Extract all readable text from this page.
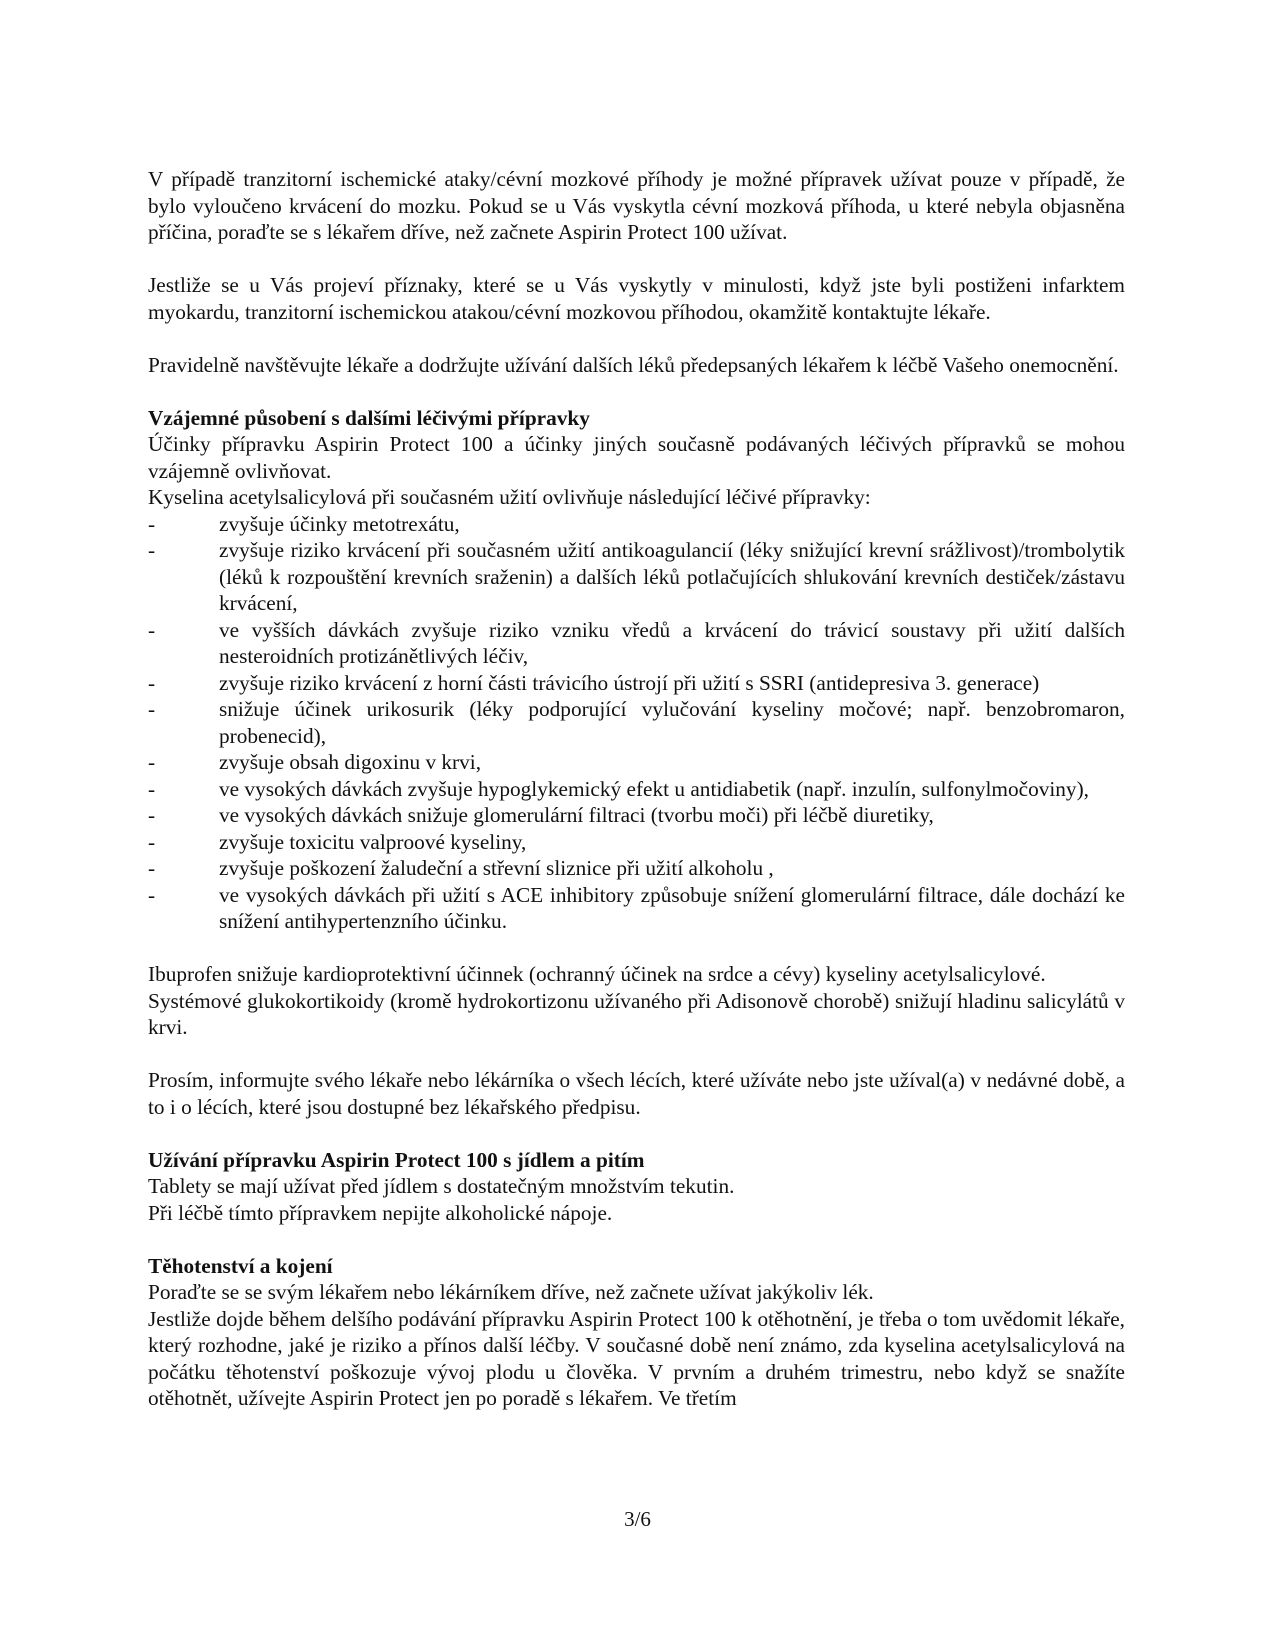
V případě tranzitorní ischemické ataky/cévní mozkové příhody je možné přípravek užívat pouze v případě, že bylo vyloučeno krvácení do mozku. Pokud se u Vás vyskytla cévní mozková příhoda, u které nebyla objasněna příčina, poraďte se s lékařem dříve, než začnete Aspirin Protect 100 užívat.

Jestliže se u Vás projeví příznaky, které se u Vás vyskytly v minulosti, když jste byli postiženi infarktem myokardu, tranzitorní ischemickou atakou/cévní mozkovou příhodou, okamžitě kontaktujte lékaře.

Pravidelně navštěvujte lékaře a dodržujte užívání dalších léků předepsaných lékařem k léčbě Vašeho onemocnění.

Vzájemné působení s dalšími léčivými přípravky

Účinky přípravku Aspirin Protect 100 a účinky jiných současně podávaných léčivých přípravků se mohou vzájemně ovlivňovat.

Kyselina acetylsalicylová při současném užití ovlivňuje následující léčivé přípravky:

-	zvyšuje účinky metotrexátu,
-	zvyšuje riziko krvácení při současném užití antikoagulancií (léky snižující krevní srážlivost)/trombolytik (léků k rozpouštění krevních sraženin) a dalších léků potlačujících shlukování krevních destiček/zástavu krvácení,
-	ve vyšších dávkách zvyšuje riziko vzniku vředů a krvácení do trávicí soustavy při užití dalších nesteroidních protizánětlivých léčiv,
-	zvyšuje riziko krvácení z horní části trávicího ústrojí při užití s SSRI (antidepresiva 3. generace)
-	snižuje účinek urikosurik (léky podporující vylučování kyseliny močové; např. benzobromaron, probenecid),
-	zvyšuje obsah digoxinu v krvi,
-	ve vysokých dávkách zvyšuje hypoglykemický efekt u antidiabetik (např. inzulín, sulfonylmočoviny),
-	ve vysokých dávkách snižuje glomerulární filtraci (tvorbu moči) při léčbě diuretiky,
-	zvyšuje toxicitu valproové kyseliny,
-	zvyšuje poškození žaludeční a střevní sliznice při užití alkoholu ,
-	ve vysokých dávkách při užití s ACE inhibitory způsobuje snížení glomerulární filtrace, dále dochází ke snížení antihypertenzního účinku.

Ibuprofen snižuje kardioprotektivní účinnek (ochranný účinek na srdce a cévy) kyseliny acetylsalicylové.

Systémové glukokortikoidy (kromě hydrokortizonu užívaného při Adisonově chorobě) snižují hladinu salicylátů v krvi.

Prosím, informujte svého lékaře nebo lékárníka o všech lécích, které užíváte nebo jste užíval(a) v nedávné době, a to i o lécích, které jsou dostupné bez lékařského předpisu.

Užívání přípravku Aspirin Protect 100 s jídlem a pitím

Tablety se mají užívat před jídlem s dostatečným množstvím tekutin.

Při léčbě tímto přípravkem nepijte alkoholické nápoje.

Těhotenství a kojení

Poraďte se se svým lékařem nebo lékárníkem dříve, než začnete užívat jakýkoliv lék.

Jestliže dojde během delšího podávání přípravku Aspirin Protect 100 k otěhotnění, je třeba o tom uvědomit lékaře, který rozhodne, jaké je riziko a přínos další léčby. V současné době není známo, zda kyselina acetylsalicylová na počátku těhotenství poškozuje vývoj plodu u člověka. V prvním a druhém trimestru, nebo když se snažíte otěhotnět, užívejte Aspirin Protect jen po poradě s lékařem. Ve třetím

3/6
